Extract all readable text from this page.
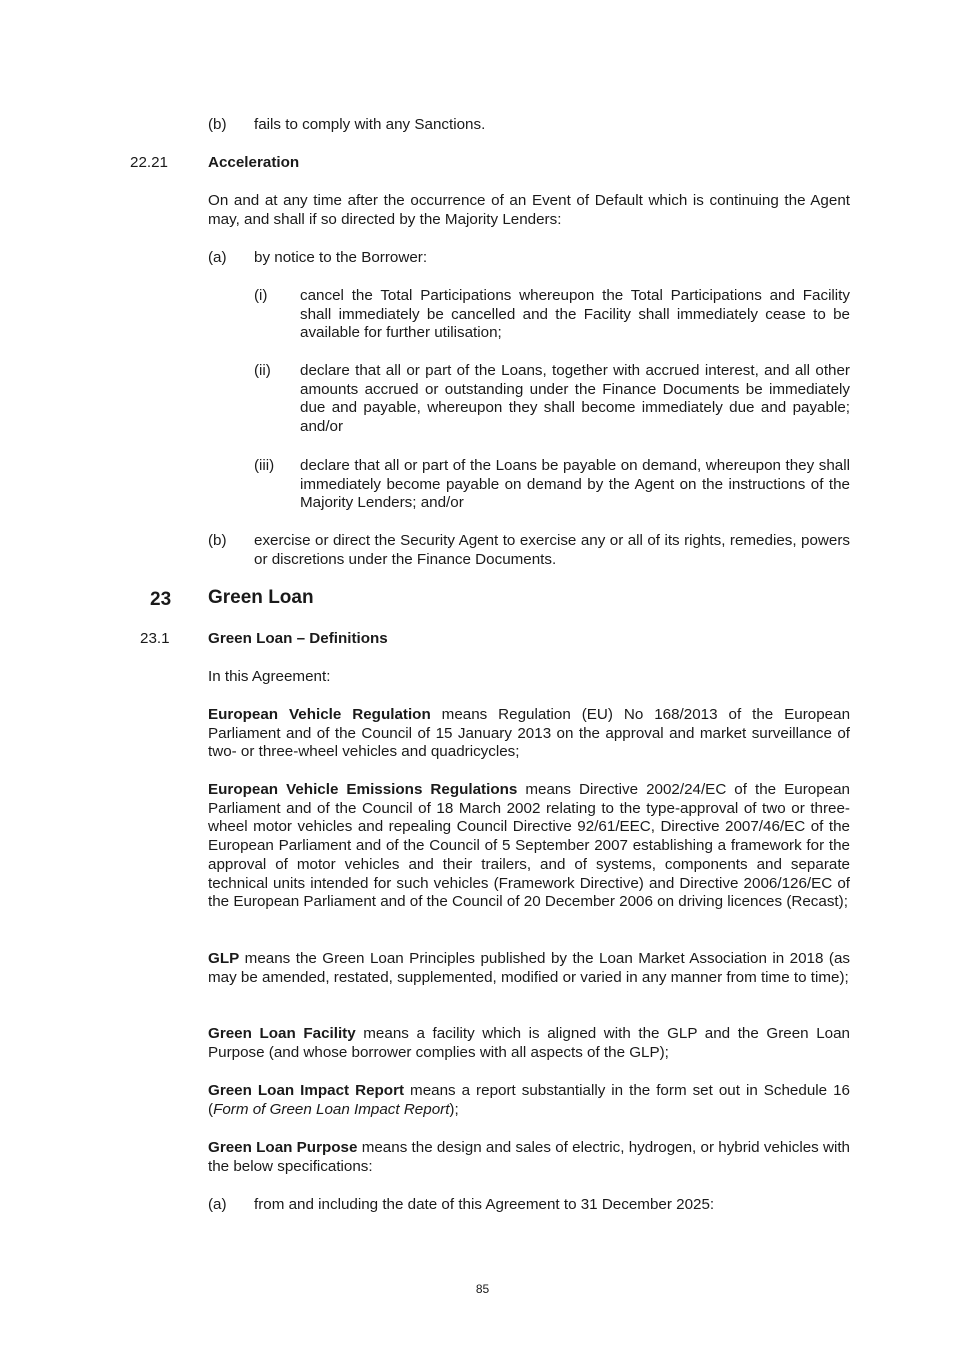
(b) fails to comply with any Sanctions.
22.21	Acceleration
On and at any time after the occurrence of an Event of Default which is continuing the Agent may, and shall if so directed by the Majority Lenders:
(a) by notice to the Borrower:
(i) cancel the Total Participations whereupon the Total Participations and Facility shall immediately be cancelled and the Facility shall immediately cease to be available for further utilisation;
(ii) declare that all or part of the Loans, together with accrued interest, and all other amounts accrued or outstanding under the Finance Documents be immediately due and payable, whereupon they shall become immediately due and payable; and/or
(iii) declare that all or part of the Loans be payable on demand, whereupon they shall immediately become payable on demand by the Agent on the instructions of the Majority Lenders; and/or
(b) exercise or direct the Security Agent to exercise any or all of its rights, remedies, powers or discretions under the Finance Documents.
23 Green Loan
23.1	Green Loan – Definitions
In this Agreement:
European Vehicle Regulation means Regulation (EU) No 168/2013 of the European Parliament and of the Council of 15 January 2013 on the approval and market surveillance of two- or three-wheel vehicles and quadricycles;
European Vehicle Emissions Regulations means Directive 2002/24/EC of the European Parliament and of the Council of 18 March 2002 relating to the type-approval of two or three-wheel motor vehicles and repealing Council Directive 92/61/EEC, Directive 2007/46/EC of the European Parliament and of the Council of 5 September 2007 establishing a framework for the approval of motor vehicles and their trailers, and of systems, components and separate technical units intended for such vehicles (Framework Directive) and Directive 2006/126/EC of the European Parliament and of the Council of 20 December 2006 on driving licences (Recast);
GLP means the Green Loan Principles published by the Loan Market Association in 2018 (as may be amended, restated, supplemented, modified or varied in any manner from time to time);
Green Loan Facility means a facility which is aligned with the GLP and the Green Loan Purpose (and whose borrower complies with all aspects of the GLP);
Green Loan Impact Report means a report substantially in the form set out in Schedule 16 (Form of Green Loan Impact Report);
Green Loan Purpose means the design and sales of electric, hydrogen, or hybrid vehicles with the below specifications:
(a) from and including the date of this Agreement to 31 December 2025:
85
